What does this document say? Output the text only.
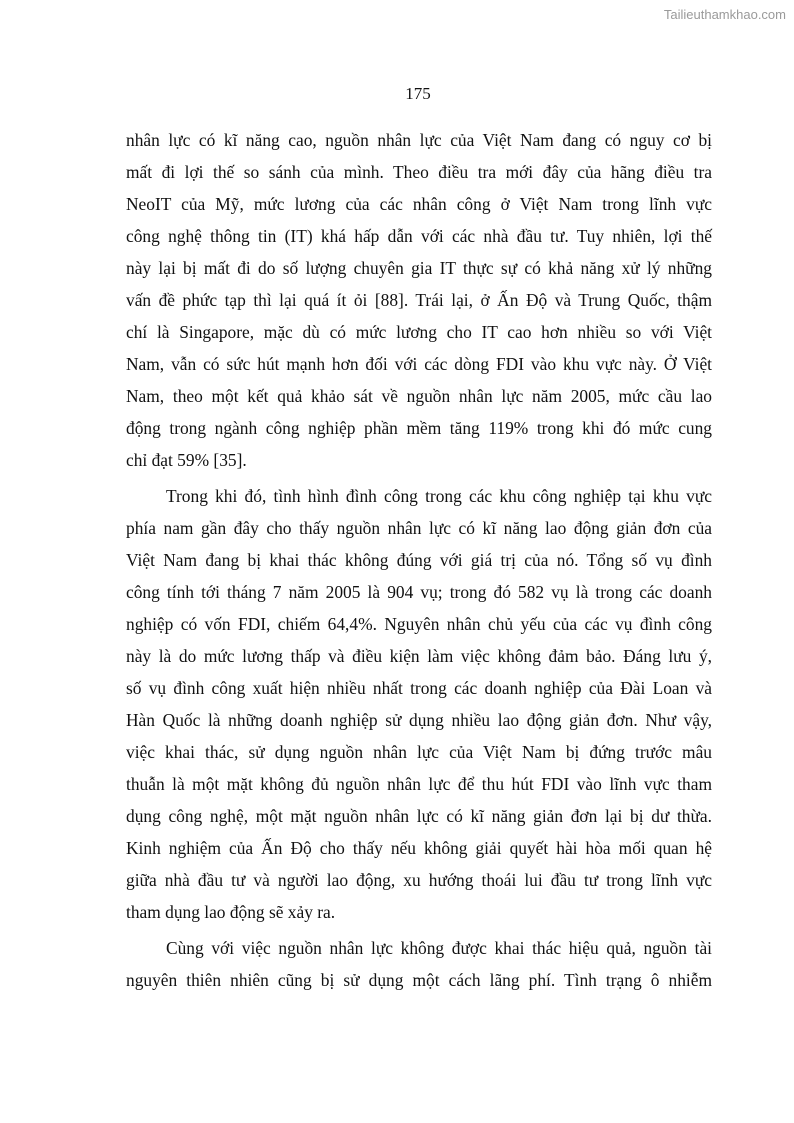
Tailieuthamkhao.com
175
nhân lực có kĩ năng cao, nguồn nhân lực của Việt Nam đang có nguy cơ bị
mất đi lợi thế so sánh của mình. Theo điều tra mới đây của hãng điều tra
NeoIT của Mỹ, mức lương của các nhân công ở Việt Nam trong lĩnh vực
công nghệ thông tin (IT) khá hấp dẫn với các nhà đầu tư. Tuy nhiên, lợi thế
này lại bị mất đi do số lượng chuyên gia IT thực sự có khả năng xử lý những
vấn đề phức tạp thì lại quá ít ỏi [88]. Trái lại, ở Ấn Độ và Trung Quốc, thậm
chí là Singapore, mặc dù có mức lương cho IT cao hơn nhiều so với Việt
Nam, vẫn có sức hút mạnh hơn đối với các dòng FDI vào khu vực này. Ở Việt
Nam, theo một kết quả khảo sát về nguồn nhân lực năm 2005, mức cầu lao
động trong ngành công nghiệp phần mềm tăng 119% trong khi đó mức cung
chỉ đạt 59% [35].
Trong khi đó, tình hình đình công trong các khu công nghiệp tại khu vực
phía nam gần đây cho thấy nguồn nhân lực có kĩ năng lao động giản đơn của
Việt Nam đang bị khai thác không đúng với giá trị của nó. Tổng số vụ đình
công tính tới tháng 7 năm 2005 là 904 vụ; trong đó 582 vụ là trong các doanh
nghiệp có vốn FDI, chiếm 64,4%. Nguyên nhân chủ yếu của các vụ đình công
này là do mức lương thấp và điều kiện làm việc không đảm bảo. Đáng lưu ý,
số vụ đình công xuất hiện nhiều nhất trong các doanh nghiệp của Đài Loan và
Hàn Quốc là những doanh nghiệp sử dụng nhiều lao động giản đơn. Như vậy,
việc khai thác, sử dụng nguồn nhân lực của Việt Nam bị đứng trước mâu
thuẫn là một mặt không đủ nguồn nhân lực để thu hút FDI vào lĩnh vực tham
dụng công nghệ, một mặt nguồn nhân lực có kĩ năng giản đơn lại bị dư thừa.
Kinh nghiệm của Ấn Độ cho thấy nếu không giải quyết hài hòa mối quan hệ
giữa nhà đầu tư và người lao động, xu hướng thoái lui đầu tư trong lĩnh vực
tham dụng lao động sẽ xảy ra.
Cùng với việc nguồn nhân lực không được khai thác hiệu quả, nguồn tài
nguyên thiên nhiên cũng bị sử dụng một cách lãng phí. Tình trạng ô nhiễm
